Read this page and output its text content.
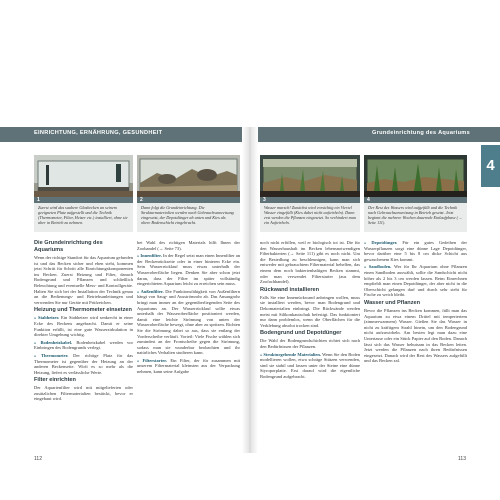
EINRICHTUNG, ERNÄHRUNG, GESUNDHEIT	Grundeinrichtung des Aquariums
4
1	2	3	4
Zuerst wird das saubere Glasbecken an seinem geeigneten Platz aufgestellt und die Technik (Thermometer, Filter, Heizer etc.) installiert, ohne sie aber in Betrieb zu nehmen.
Dann folgt die Grundeinrichtung. Die Strukturmaterialien werden nach Gebrauchsanweisung eingesetzt, der Depotdünger ab unten und Kies als obere Bodenschicht eingebracht.
Wasser marsch! Zunächst wird vorsichtig ein Viertel Wasser eingefüllt (Kies dabei nicht aufwirbeln). Dann erst werden die Pflanzen eingesetzt. So verhindert man ein Aufwirbeln.
Der Rest des Wassers wird aufgefüllt und die Technik nach Gebrauchsanweisung in Betrieb gesetzt. Jetzt beginnt die mehrere Wochen dauernde Einlaufphase (→ Seite 111).
Die Grundeinrichtung des Aquariums

Wenn der richtige Standort für das Aquarium gefunden ist und das Becken sicher und eben steht, kommen jetzt Schritt für Schritt alle Einrichtungskomponenten ins Becken. Zuerst Heizung und Filter, danach Bodengrund und Pflanzen und schließlich Beleuchtung und eventuelle Mess- und Kontrollgeräte. Halten Sie sich bei der Installation der Technik genau an die Bedienungs- und Betriebsanleitungen und verwenden Sie nur Geräte mit Prüfzeichen.

Heizung und Thermometer einsetzen

» Stabheizer. Ein Stabheizer wird senkrecht in einer Ecke des Beckens angebracht. Damit er seine Funktion erfüllt, ist eine gute Wasserzirkulation in direkter Umgebung wichtig.

» Bodenheizkabel. Bodenheizkabel werden vor Einbringen des Bodengrunds verlegt.

» Thermometer. Der richtige Platz für das Thermometer ist gegenüber der Heizung an der anderen Beckenseite. Wirft es so mehr als die Heizung, liefert es verlässliche Werte.

Filter einrichten

Der Aquarienfilter wird mit mitgelieferten oder zusätzlichen Filtermaterialien bestückt, bevor er eingebaut wird.

bei Wahl des richtigen Materials hilft Ihnen der Zoohandel (→ Seite 73).

» Innenfilter. In der Regel setzt man einen Innenfilter an der Beckenrückseite oder in einer hinteren Ecke ein. Sein Wasserrücklauf muss etwas unterhalb der Wasseroberfläche liegen. Denken Sie aber schon jetzt daran, dass der Filter im später vollständig eingerichteten Aquarium leicht zu erreichen sein muss.

» Außenfilter. Die Funktionsfähigkeit von Außenfiltern hängt von Saug- und Ausströmrohr ab. Das Ansaugrohr bringt man immer an der gegenüberliegenden Seite des Aquariums an. Der Wasserrücklauf sollte etwas unterhalb der Wasseroberfläche positioniert werden, damit eine leichte Strömung von unten der Wasseroberfläche bewegt, ohne aber zu spritzen. Richten Sie die Strömung dabei so aus, dass sie entlang der Vorderscheibe verläuft. Vorteil: Viele Fische wählen sich zumindest an der Frontscheibe gegen die Strömung, sodass man sie wunderbar beobachten und ihr natürliches Verhalten studieren kann.

» Filterstarter. Ein Filter, der für zusammen mit unserem Filtermaterial kleinsten aus der Verpackung nehmen, kann seine Aufgabe

noch nicht erfüllen, weil er biologisch tot ist. Die für den Wasserhaushalt im Becken lebensnotwendigen Filterbakterien (→ Seite 111) gibt es noch nicht. Um die Besiedlung zu beschleunigen, kann man sich entweder mit gebrauchtem Filtermaterial behelfen, das einem dem noch bakterienhaltigen Becken stammt, oder man verwendet Filterstarter (aus dem Zoofachhandel).

Rückwand installieren

Falls Sie eine Innenrückwand anbringen wollen, muss sie installiert werden, bevor man Bodengrund und Dekomaterialien einbringt. Die Rückwände werden meist mit Silikonkautschuk befestigt. Das funktioniert nur dann problemlos, wenn die Oberflächen für die Verklebung absolut trocken sind.

Bodengrund und Depotdünger

Die Wahl der Bodengrundschichten richtet sich nach den Bedürfnissen der Pflanzen.

» Strukturgebende Materialien. Wenn Sie den Boden modellieren wollen, etwa schräge Stützen verwenden, sind sie stabil und lassen unter der Steine eine dünne Styroporplatte. Erst darauf wird die eigentliche Bodengrund aufgebracht.

» Depotdünger. Für ein gutes Gedeihen der Wasserpflanzen sorgt eine dünne Lage Depotdünger, bevor darüber eine 5 bis 8 cm dicke Schicht aus gewaschenem Kies kommt.

» Sandboden. Wer für Ihr Aquarium ohne Pflanzen einen Sandboden auswählt, sollte die Sandschicht nicht höher als 2 bis 3 cm werden lassen. Beim Einrechnen empfiehlt man einen Depotdünger, der aber nicht in die Oberschicht gelangen darf und durch sehr steht für Fische zu weich bleibt.

Wasser und Pflanzen

Bevor die Pflanzen ins Becken kommen, füllt man das Aquarium zu etwa einem Drittel mit temperiertem (zimmerwarmem) Wasser. Gießen Sie das Wasser in nicht zu kräftigem Strahl hinein, um den Bodengrund nicht aufzuwirbeln. Am besten legt man dazu eine Untertasse oder ein Stück Papier auf den Boden. Danach lässt sich das Wasser behutsam in das Becken leiten. Jetzt werden die Pflanzen nach ihren Bedürfnissen eingesetzt. Danach wird der Rest des Wassers aufgefüllt und das Becken zal.

112	113
